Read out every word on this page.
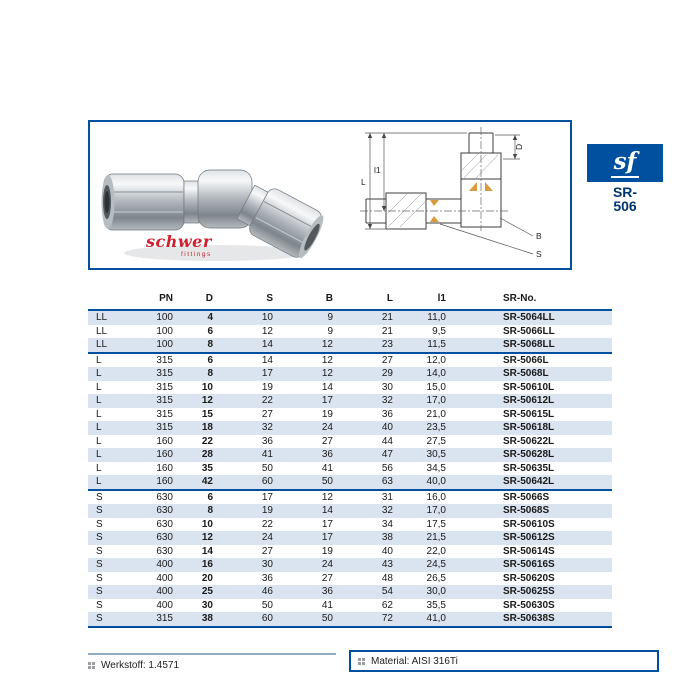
schwer
fittings
L
l1
D
B
S
sf
SR-
506
	PN	D	S	B	L	l1	SR-No.
LL	100	4	10	9	21	11,0	SR-5064LL
LL	100	6	12	9	21	9,5	SR-5066LL
LL	100	8	14	12	23	11,5	SR-5068LL
L	315	6	14	12	27	12,0	SR-5066L
L	315	8	17	12	29	14,0	SR-5068L
L	315	10	19	14	30	15,0	SR-50610L
L	315	12	22	17	32	17,0	SR-50612L
L	315	15	27	19	36	21,0	SR-50615L
L	315	18	32	24	40	23,5	SR-50618L
L	160	22	36	27	44	27,5	SR-50622L
L	160	28	41	36	47	30,5	SR-50628L
L	160	35	50	41	56	34,5	SR-50635L
L	160	42	60	50	63	40,0	SR-50642L
S	630	6	17	12	31	16,0	SR-5066S
S	630	8	19	14	32	17,0	SR-5068S
S	630	10	22	17	34	17,5	SR-50610S
S	630	12	24	17	38	21,5	SR-50612S
S	630	14	27	19	40	22,0	SR-50614S
S	400	16	30	24	43	24,5	SR-50616S
S	400	20	36	27	48	26,5	SR-50620S
S	400	25	46	36	54	30,0	SR-50625S
S	400	30	50	41	62	35,5	SR-50630S
S	315	38	60	50	72	41,0	SR-50638S
Werkstoff: 1.4571	Material: AISI 316Ti
